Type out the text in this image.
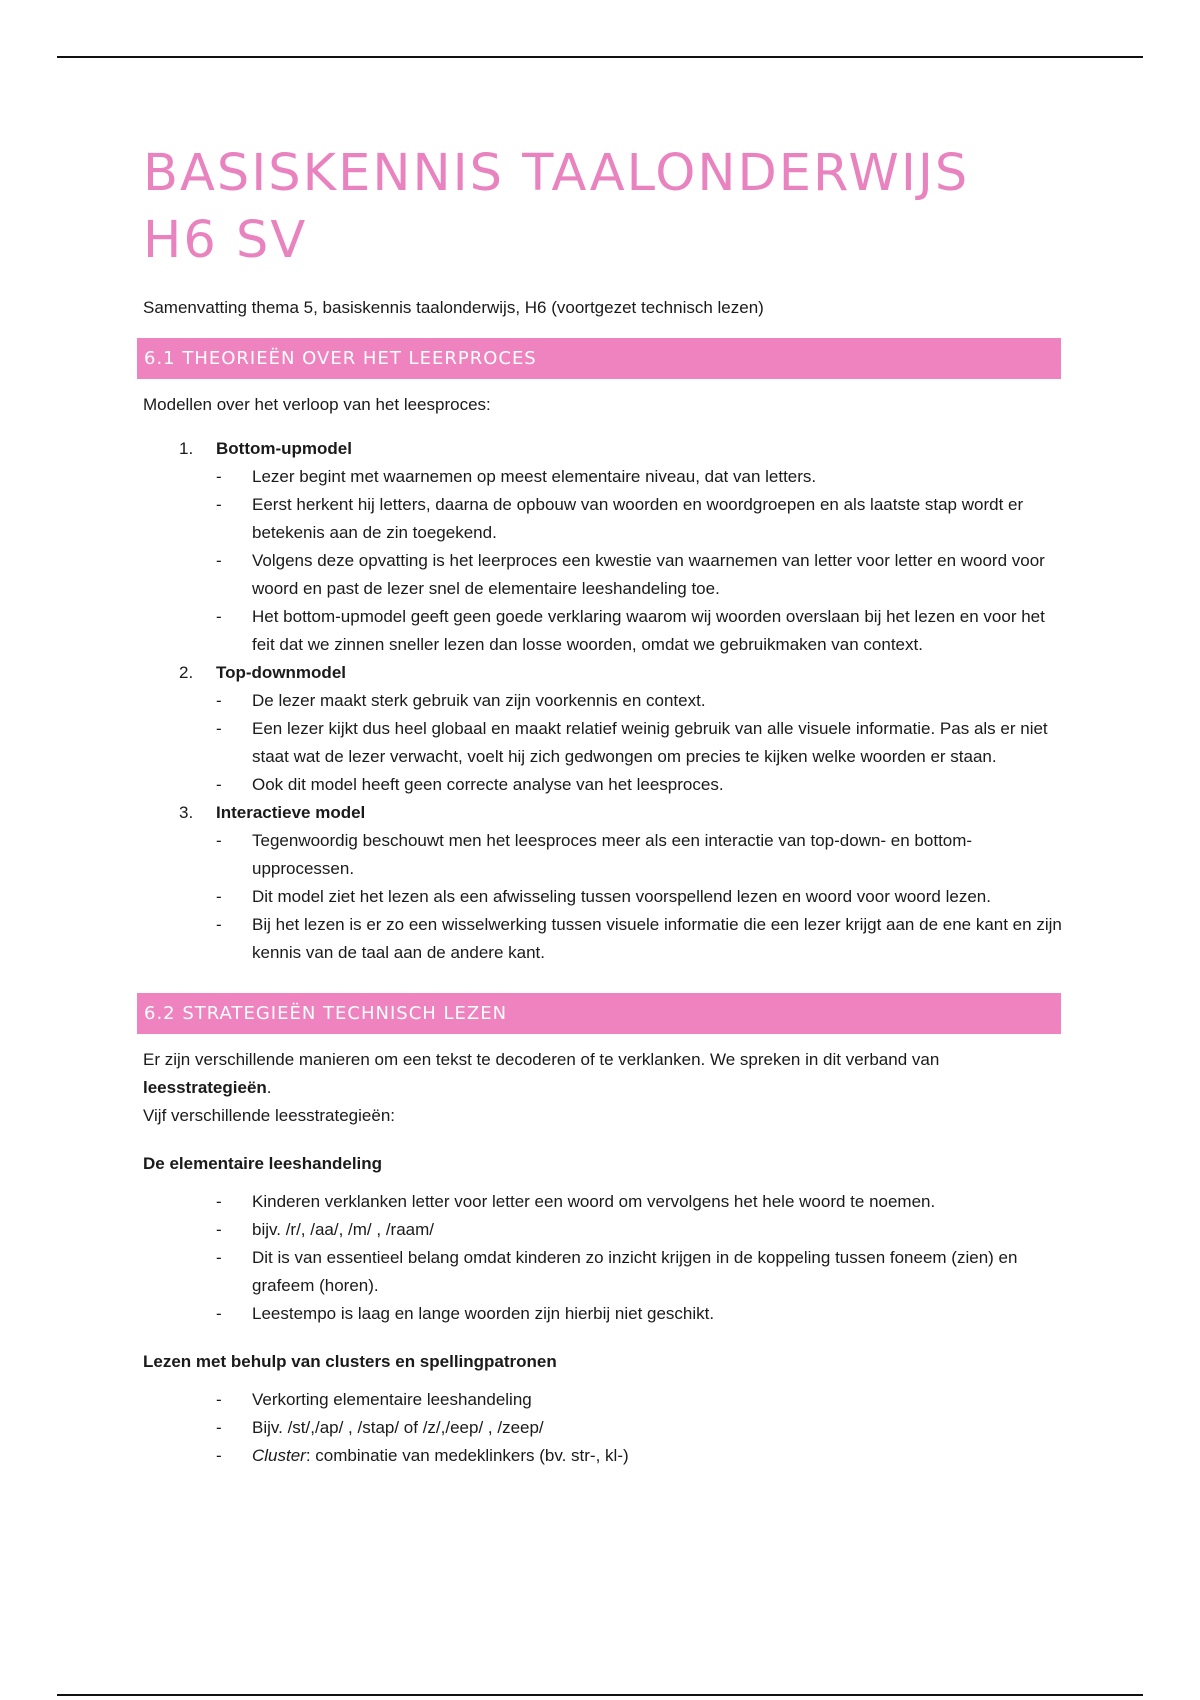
BASISKENNIS TAALONDERWIJS
H6 SV

Samenvatting thema 5, basiskennis taalonderwijs, H6 (voortgezet technisch lezen)

6.1 THEORIEËN OVER HET LEERPROCES

Modellen over het verloop van het leesproces:

1. Bottom-upmodel
- Lezer begint met waarnemen op meest elementaire niveau, dat van letters.
- Eerst herkent hij letters, daarna de opbouw van woorden en woordgroepen en als laatste stap wordt er betekenis aan de zin toegekend.
- Volgens deze opvatting is het leerproces een kwestie van waarnemen van letter voor letter en woord voor woord en past de lezer snel de elementaire leeshandeling toe.
- Het bottom-upmodel geeft geen goede verklaring waarom wij woorden overslaan bij het lezen en voor het feit dat we zinnen sneller lezen dan losse woorden, omdat we gebruikmaken van context.
2. Top-downmodel
- De lezer maakt sterk gebruik van zijn voorkennis en context.
- Een lezer kijkt dus heel globaal en maakt relatief weinig gebruik van alle visuele informatie. Pas als er niet staat wat de lezer verwacht, voelt hij zich gedwongen om precies te kijken welke woorden er staan.
- Ook dit model heeft geen correcte analyse van het leesproces.
3. Interactieve model
- Tegenwoordig beschouwt men het leesproces meer als een interactie van top-down- en bottom-upprocessen.
- Dit model ziet het lezen als een afwisseling tussen voorspellend lezen en woord voor woord lezen.
- Bij het lezen is er zo een wisselwerking tussen visuele informatie die een lezer krijgt aan de ene kant en zijn kennis van de taal aan de andere kant.
6.2 STRATEGIEËN TECHNISCH LEZEN

Er zijn verschillende manieren om een tekst te decoderen of te verklanken. We spreken in dit verband van leesstrategieën.

Vijf verschillende leesstrategieën:

De elementaire leeshandeling

- Kinderen verklanken letter voor letter een woord om vervolgens het hele woord te noemen.
- bijv. /r/, /aa/, /m/ , /raam/
- Dit is van essentieel belang omdat kinderen zo inzicht krijgen in de koppeling tussen foneem (zien) en grafeem (horen).
- Leestempo is laag en lange woorden zijn hierbij niet geschikt.

Lezen met behulp van clusters en spellingpatronen

- Verkorting elementaire leeshandeling
- Bijv. /st/,/ap/ , /stap/ of /z/,/eep/ , /zeep/
- Cluster: combinatie van medeklinkers (bv. str-, kl-)
